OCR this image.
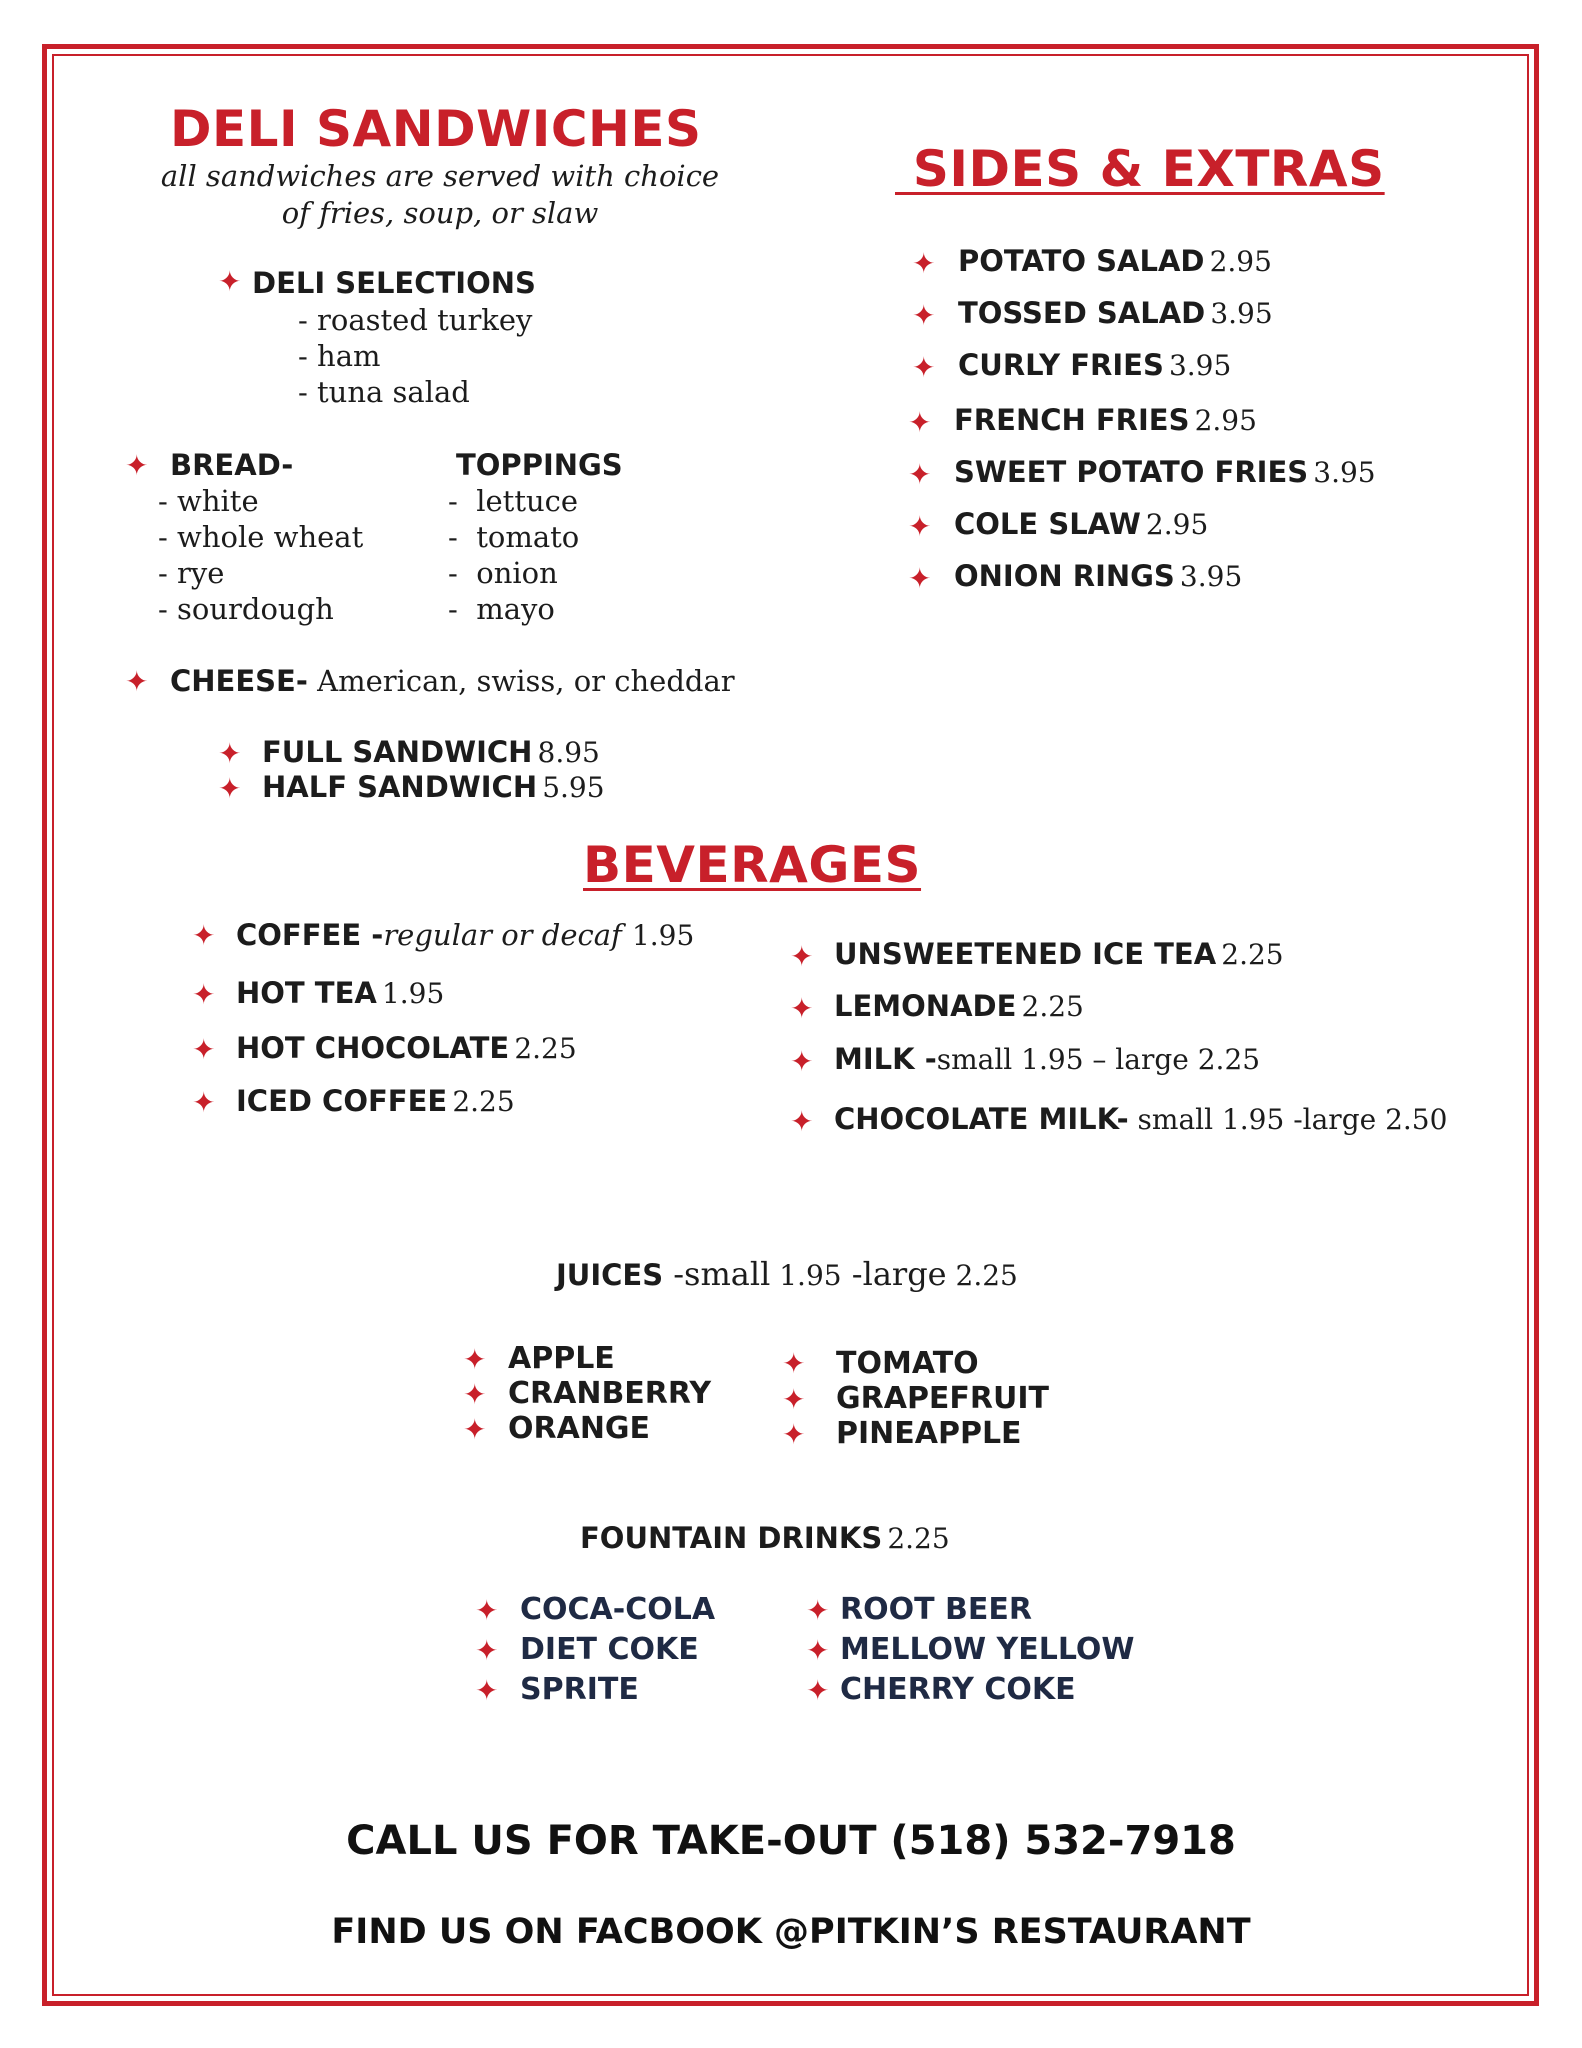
DELI SANDWICHES
all sandwiches are served with choice
of fries, soup, or slaw
✦ DELI SELECTIONS
- roasted turkey
- ham
- tuna salad
✦ BREAD-
- white
- whole wheat
- rye
- sourdough
TOPPINGS
-  lettuce
-  tomato
-  onion
-  mayo
✦ CHEESE- American, swiss, or cheddar
✦ FULL SANDWICH 8.95
✦ HALF SANDWICH 5.95
SIDES & EXTRAS
✦ POTATO SALAD 2.95
✦ TOSSED SALAD 3.95
✦ CURLY FRIES 3.95
✦ FRENCH FRIES 2.95
✦ SWEET POTATO FRIES 3.95
✦ COLE SLAW 2.95
✦ ONION RINGS 3.95
BEVERAGES
✦ COFFEE -regular or decaf 1.95
✦ HOT TEA 1.95
✦ HOT CHOCOLATE 2.25
✦ ICED COFFEE 2.25
✦ UNSWEETENED ICE TEA 2.25
✦ LEMONADE 2.25
✦ MILK -small 1.95 – large 2.25
✦ CHOCOLATE MILK- small 1.95 -large 2.50
JUICES -small 1.95 -large 2.25
✦ APPLE
✦ CRANBERRY
✦ ORANGE
✦ TOMATO
✦ GRAPEFRUIT
✦ PINEAPPLE
FOUNTAIN DRINKS 2.25
✦ COCA-COLA
✦ DIET COKE
✦ SPRITE
✦ ROOT BEER
✦ MELLOW YELLOW
✦ CHERRY COKE
CALL US FOR TAKE-OUT (518) 532-7918
FIND US ON FACBOOK @PITKIN’S RESTAURANT
